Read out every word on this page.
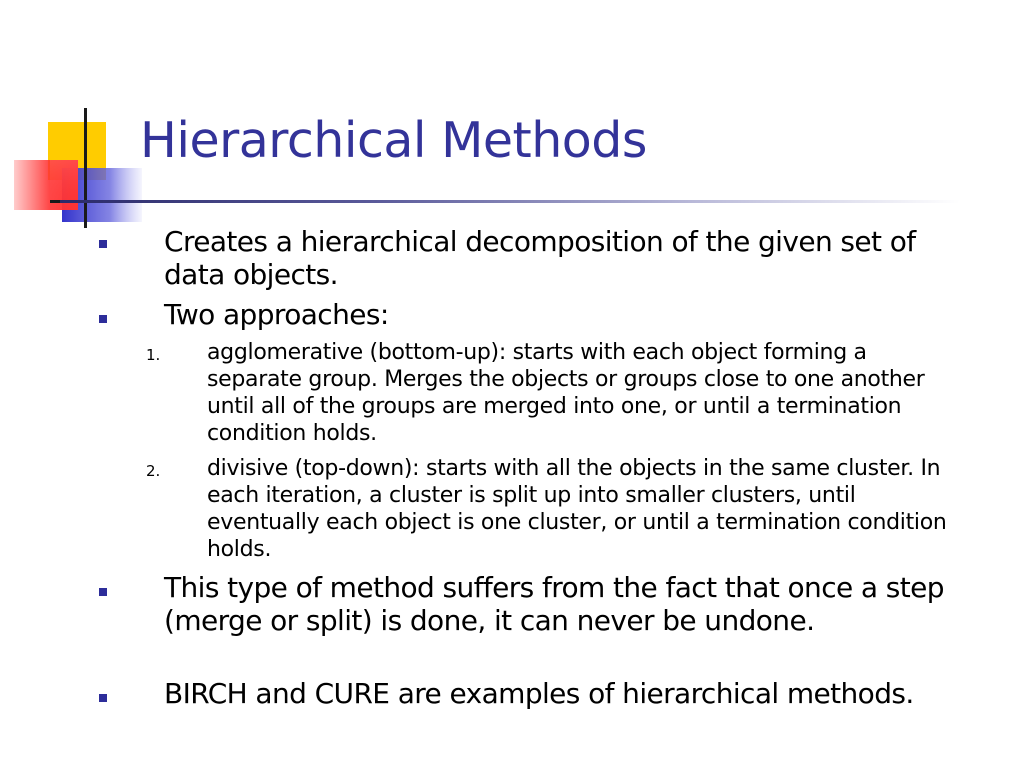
Hierarchical Methods
Creates a hierarchical decomposition of the given set of data objects.
Two approaches:
1. agglomerative (bottom-up): starts with each object forming a separate group. Merges the objects or groups close to one another until all of the groups are merged into one, or until a termination condition holds.
2. divisive (top-down): starts with all the objects in the same cluster. In each iteration, a cluster is split up into smaller clusters, until eventually each object is one cluster, or until a termination condition holds.
This type of method suffers from the fact that once a step (merge or split) is done, it can never be undone.
BIRCH and CURE are examples of hierarchical methods.
